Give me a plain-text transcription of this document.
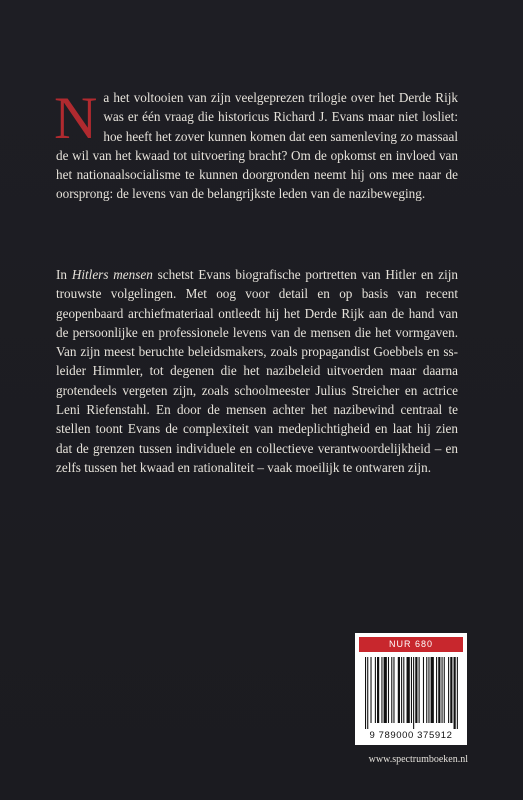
Na het voltooien van zijn veelgeprezen trilogie over het Derde Rijk was er één vraag die historicus Richard J. Evans maar niet losliet: hoe heeft het zover kunnen komen dat een samenleving zo massaal de wil van het kwaad tot uitvoering bracht? Om de opkomst en invloed van het nationaalsocialisme te kunnen doorgronden neemt hij ons mee naar de oorsprong: de levens van de belangrijkste leden van de nazibeweging.

In Hitlers mensen schetst Evans biografische portretten van Hitler en zijn trouwste volgelingen. Met oog voor detail en op basis van recent geopenbaard archiefmateriaal ontleedt hij het Derde Rijk aan de hand van de persoonlijke en professionele levens van de mensen die het vormgaven. Van zijn meest beruchte beleidsmakers, zoals propagandist Goebbels en ss-leider Himmler, tot degenen die het nazibeleid uitvoerden maar daarna grotendeels vergeten zijn, zoals schoolmeester Julius Streicher en actrice Leni Riefenstahl. En door de mensen achter het nazibewind centraal te stellen toont Evans de complexiteit van medeplichtigheid en laat hij zien dat de grenzen tussen individuele en collectieve verantwoordelijkheid – en zelfs tussen het kwaad en rationaliteit – vaak moeilijk te ontwaren zijn.

NUR 680
9 789000 375912
www.spectrumboeken.nl
